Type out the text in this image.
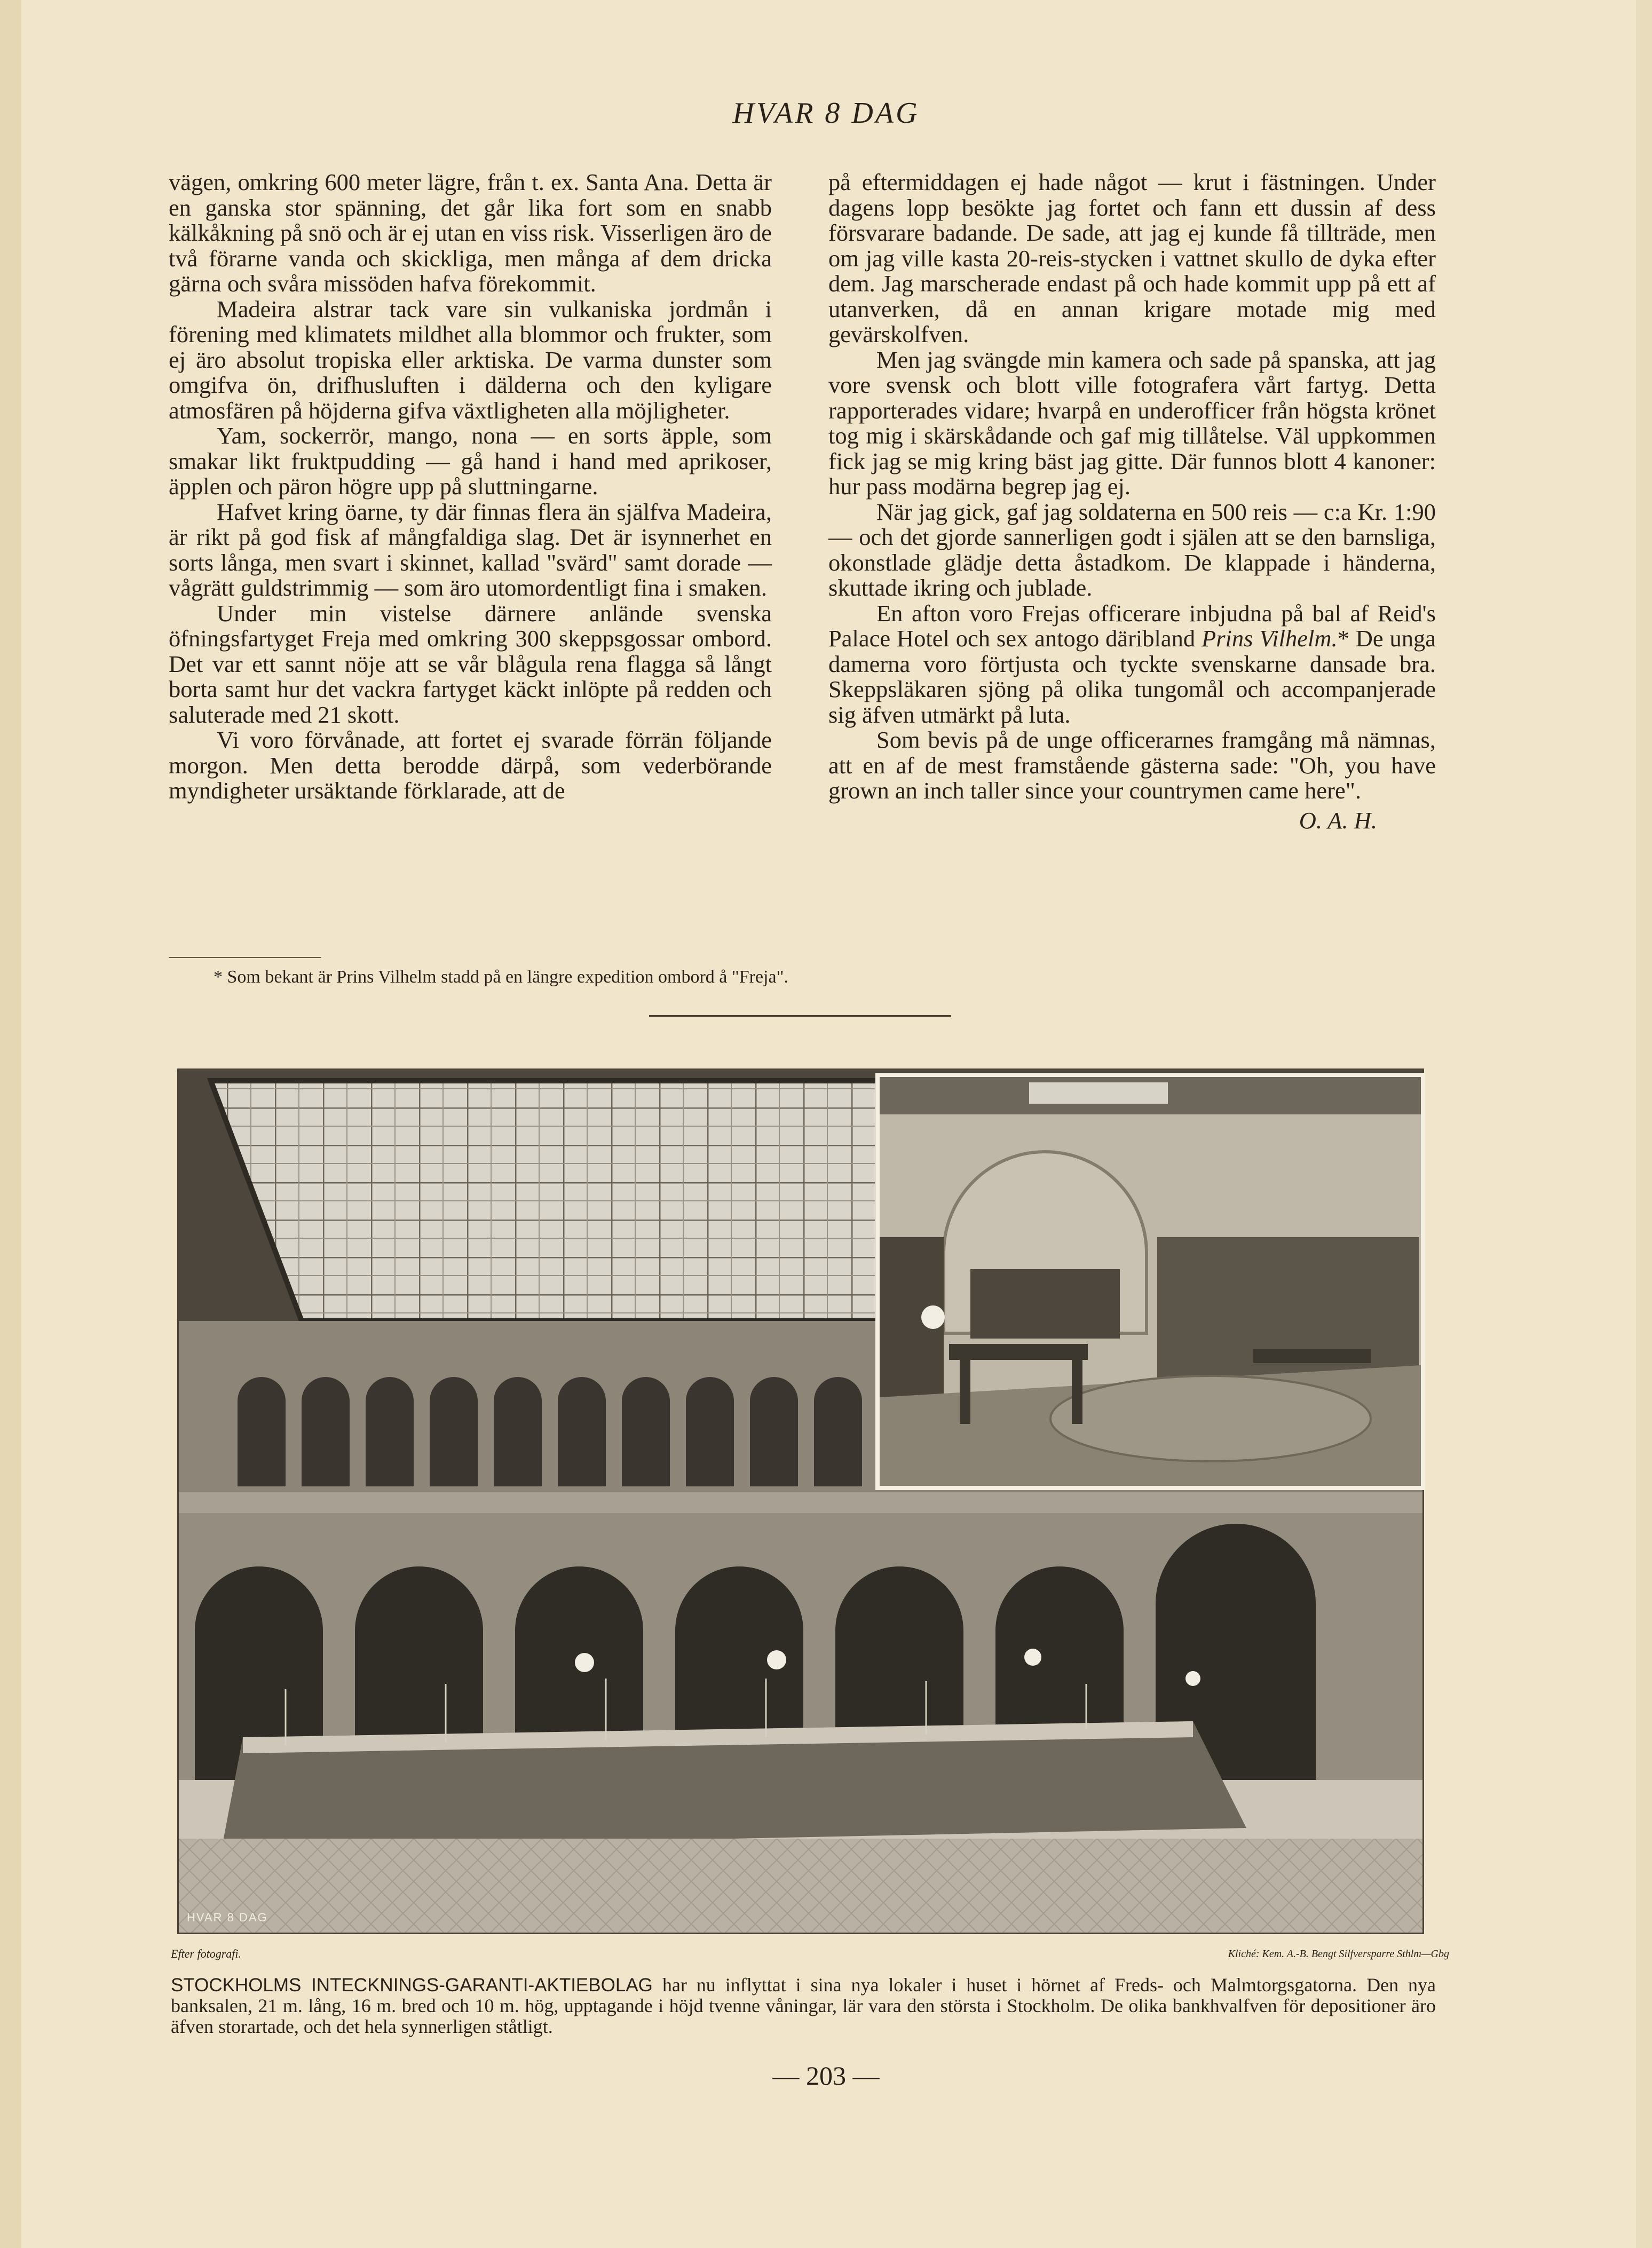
HVAR 8 DAG

vägen, omkring 600 meter lägre, från t. ex. Santa Ana. Detta är en ganska stor spänning, det går lika fort som en snabb kälkåkning på snö och är ej utan en viss risk. Visserligen äro de två förarne vanda och skickliga, men många af dem dricka gärna och svåra missöden hafva förekommit.

Madeira alstrar tack vare sin vulkaniska jordmån i förening med klimatets mildhet alla blommor och frukter, som ej äro absolut tropiska eller arktiska. De varma dunster som omgifva ön, drifhusluften i dälderna och den kyligare atmosfären på höjderna gifva växtligheten alla möjligheter.

Yam, sockerrör, mango, nona — en sorts äpple, som smakar likt fruktpudding — gå hand i hand med aprikoser, äpplen och päron högre upp på sluttningarne.

Hafvet kring öarne, ty där finnas flera än själfva Madeira, är rikt på god fisk af mångfaldiga slag. Det är isynnerhet en sorts långa, men svart i skinnet, kallad "svärd" samt dorade — vågrätt guldstrimmig — som äro utomordentligt fina i smaken.

Under min vistelse därnere anlände svenska öfningsfartyget Freja med omkring 300 skeppsgossar ombord. Det var ett sannt nöje att se vår blågula rena flagga så långt borta samt hur det vackra fartyget käckt inlöpte på redden och saluterade med 21 skott.

Vi voro förvånade, att fortet ej svarade förrän följande morgon. Men detta berodde därpå, som vederbörande myndigheter ursäktande förklarade, att de

på eftermiddagen ej hade något — krut i fästningen. Under dagens lopp besökte jag fortet och fann ett dussin af dess försvarare badande. De sade, att jag ej kunde få tillträde, men om jag ville kasta 20-reis-stycken i vattnet skullo de dyka efter dem. Jag marscherade endast på och hade kommit upp på ett af utanverken, då en annan krigare motade mig med gevärskolfven.

Men jag svängde min kamera och sade på spanska, att jag vore svensk och blott ville fotografera vårt fartyg. Detta rapporterades vidare; hvarpå en underofficer från högsta krönet tog mig i skärskådande och gaf mig tillåtelse. Väl uppkommen fick jag se mig kring bäst jag gitte. Där funnos blott 4 kanoner: hur pass modärna begrep jag ej.

När jag gick, gaf jag soldaterna en 500 reis — c:a Kr. 1:90 — och det gjorde sannerligen godt i själen att se den barnsliga, okonstlade glädje detta åstadkom. De klappade i händerna, skuttade ikring och jublade.

En afton voro Frejas officerare inbjudna på bal af Reid's Palace Hotel och sex antogo däribland Prins Vilhelm.* De unga damerna voro förtjusta och tyckte svenskarne dansade bra. Skeppsläkaren sjöng på olika tungomål och accompanjerade sig äfven utmärkt på luta.

Som bevis på de unge officerarnes framgång må nämnas, att en af de mest framstående gästerna sade: "Oh, you have grown an inch taller since your countrymen came here".

O. A. H.
* Som bekant är Prins Vilhelm stadd på en längre expedition ombord å "Freja".
HVAR 8 DAG
Efter fotografi.	Kliché: Kem. A.-B. Bengt Silfversparre Sthlm—Gbg
STOCKHOLMS INTECKNINGS-GARANTI-AKTIEBOLAG har nu inflyttat i sina nya lokaler i huset i hörnet af Freds- och Malmtorgsgatorna. Den nya banksalen, 21 m. lång, 16 m. bred och 10 m. hög, upptagande i höjd tvenne våningar, lär vara den största i Stockholm. De olika bankhvalfven för depositioner äro äfven storartade, och det hela synnerligen ståtligt.
— 203 —
